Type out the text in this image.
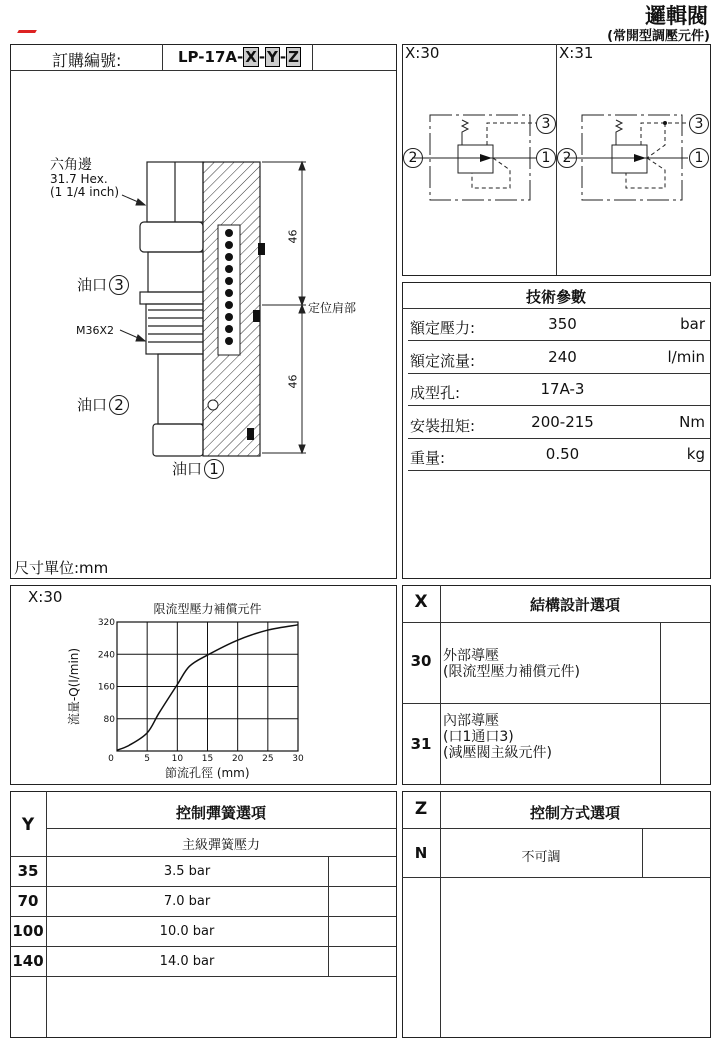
邏輯閥
(常開型調壓元件)
訂購編號:	LP-17A- X - Y - Z
六角邊
31.7 Hex.
(1 1/4 inch)
油口 3
M36X2
油口 2
油口 1
定位肩部
46
46
尺寸單位:mm
X:30	X:31
2	1
3
2	1
3
技術參數
額定壓力:	350	bar
額定流量:	240	l/min
成型孔:	17A-3
安裝扭矩:	200-215	Nm
重量:	0.50	kg
X:30
限流型壓力補償元件
節流孔徑 (mm)
流量-Q(l/min)
0	5 10 15 20 25 30
80
160
240
320
X	結構設計選項
30 外部導壓
(限流型壓力補償元件)
31
內部導壓
(口1通口3)
(減壓閥主級元件)
Y
控制彈簧選項
主級彈簧壓力
35	3.5 bar
70	7.0 bar
100	10.0 bar
140	14.0 bar
Z	控制方式選項
N	不可調
